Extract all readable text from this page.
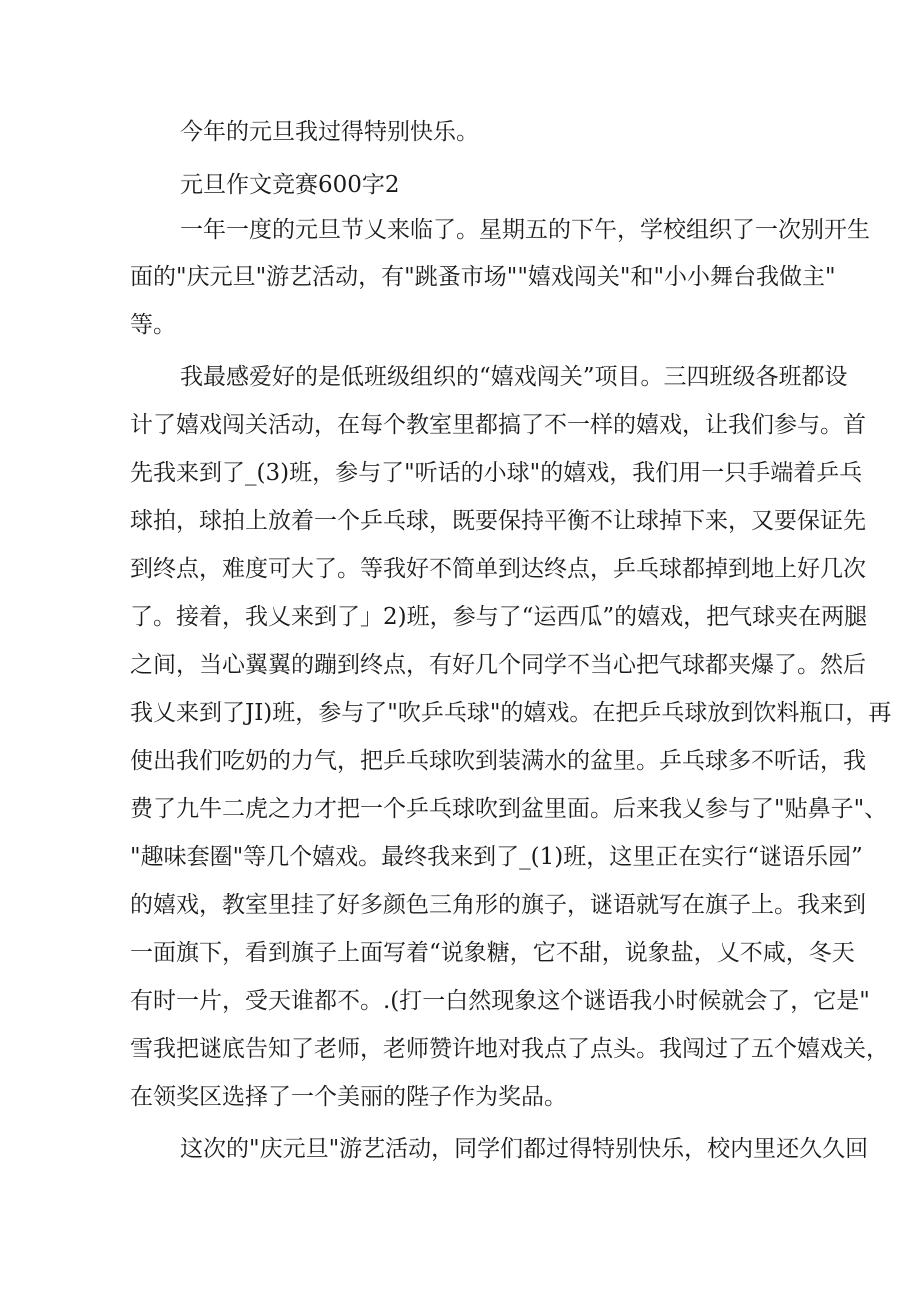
今年的元旦我过得特别快乐。
元旦作文竞赛600字2
一年一度的元旦节乂来临了。星期五的下午，学校组织了一次别开生
面的"庆元旦"游艺活动，有"跳蚤市场""嬉戏闯关"和"小小舞台我做主"
等。
我最感爱好的是低班级组织的“嬉戏闯关”项目。三四班级各班都设
计了嬉戏闯关活动，在每个教室里都搞了不一样的嬉戏，让我们参与。首
先我来到了_(3)班，参与了"听话的小球"的嬉戏，我们用一只手端着乒乓
球拍，球拍上放着一个乒乓球，既要保持平衡不让球掉下来，又要保证先
到终点，难度可大了。等我好不简单到达终点，乒乓球都掉到地上好几次
了。接着，我乂来到了」2)班，参与了“运西瓜”的嬉戏，把气球夹在两腿
之间，当心翼翼的蹦到终点，有好几个同学不当心把气球都夹爆了。然后
我乂来到了JI)班，参与了"吹乒乓球"的嬉戏。在把乒乓球放到饮料瓶口，再
使出我们吃奶的力气，把乒乓球吹到装满水的盆里。乒乓球多不听话，我
费了九牛二虎之力才把一个乒乓球吹到盆里面。后来我乂参与了"贴鼻子"、
"趣味套圈"等几个嬉戏。最终我来到了_(1)班，这里正在实行“谜语乐园”
的嬉戏，教室里挂了好多颜色三角形的旗子，谜语就写在旗子上。我来到
一面旗下，看到旗子上面写着“说象糖，它不甜，说象盐，乂不咸，冬天
有时一片，受天谁都不。.(打一白然现象这个谜语我小时候就会了，它是"
雪我把谜底告知了老师，老师赞许地对我点了点头。我闯过了五个嬉戏关，
在领奖区选择了一个美丽的陛子作为奖品。
这次的"庆元旦"游艺活动，同学们都过得特别快乐，校内里还久久回
